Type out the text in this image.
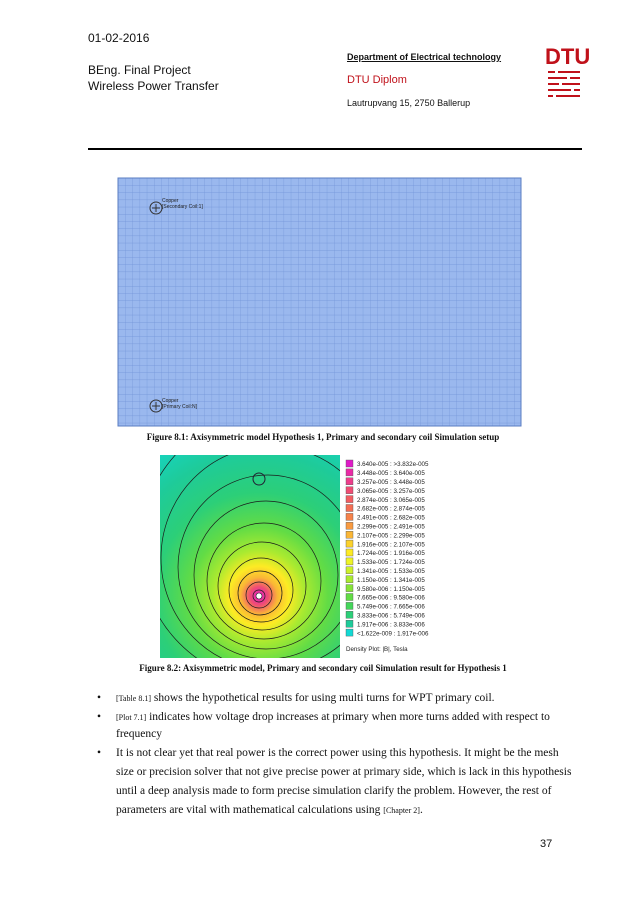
01-02-2016
BEng. Final Project
Wireless Power Transfer
Department of Electrical technology
DTU Diplom
Lautrupvang 15, 2750 Ballerup
DTU
Copper
[Secondary Coil:1]
Copper
[Primary Coil:N]
Figure 8.1: Axisymmetric model Hypothesis 1, Primary and secondary coil Simulation setup
3.640e-005 : >3.832e-005
3.448e-005 : 3.640e-005
3.257e-005 : 3.448e-005
3.065e-005 : 3.257e-005
2.874e-005 : 3.065e-005
2.682e-005 : 2.874e-005
2.491e-005 : 2.682e-005
2.299e-005 : 2.491e-005
2.107e-005 : 2.299e-005
1.916e-005 : 2.107e-005
1.724e-005 : 1.916e-005
1.533e-005 : 1.724e-005
1.341e-005 : 1.533e-005
1.150e-005 : 1.341e-005
9.580e-006 : 1.150e-005
7.665e-006 : 9.580e-006
5.749e-006 : 7.665e-006
3.833e-006 : 5.749e-006
1.917e-006 : 3.833e-006
<1.622e-009 : 1.917e-006
Density Plot: |B|, Tesla
Figure 8.2: Axisymmetric model, Primary and secondary coil Simulation result for Hypothesis 1
• [Table 8.1] shows the hypothetical results for using multi turns for WPT primary coil.
• [Plot 7.1] indicates how voltage drop increases at primary when more turns added with respect to frequency
• It is not clear yet that real power is the correct power using this hypothesis. It might be the mesh size or precision solver that not give precise power at primary side, which is lack in this hypothesis until a deep analysis made to form precise simulation clarify the problem. However, the rest of parameters are vital with mathematical calculations using [Chapter 2].
37
